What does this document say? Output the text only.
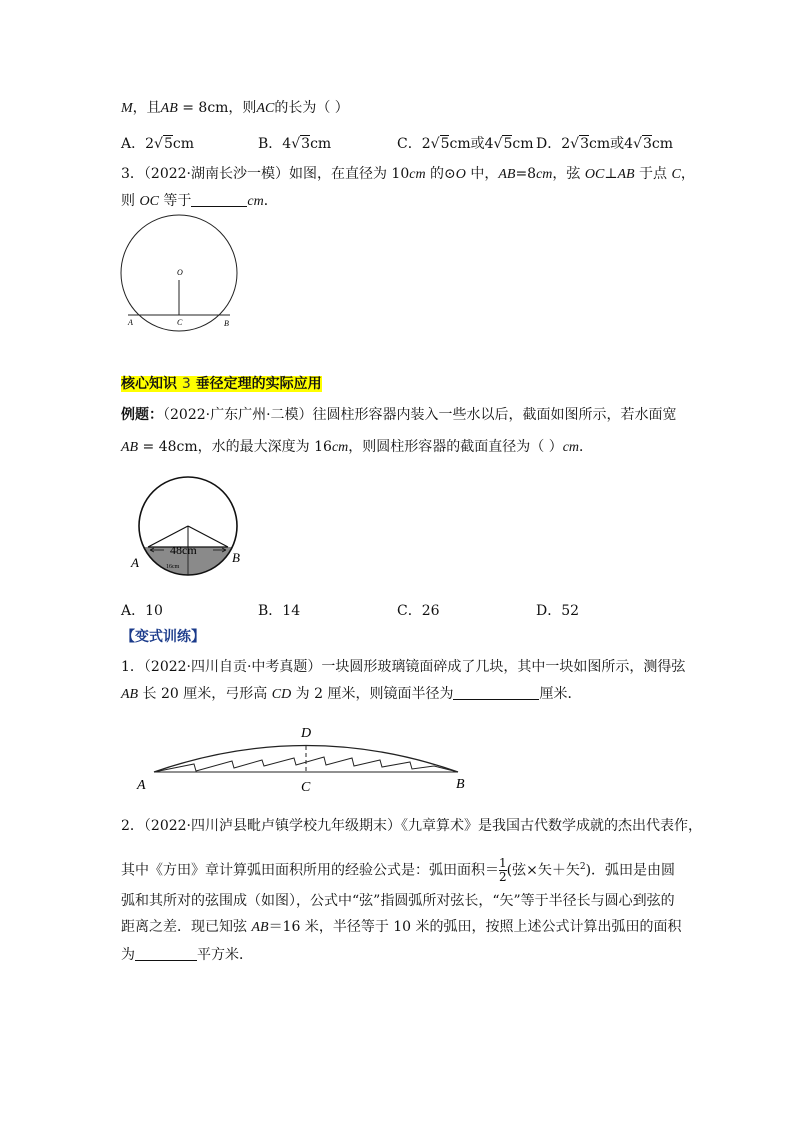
M，且AB = 8cm，则AC的长为（ ）
A．2√5cm	B．4√3cm	C．2√5cm或4√5cm D．2√3cm或4√3cm
3．（2022·湖南长沙一模）如图，在直径为 10cm 的⊙O 中，AB=8cm，弦 OC⊥AB 于点 C，
则 OC 等于	cm．
O
A	C	B
核心知识 3 垂径定理的实际应用
例题：（2022·广东广州·二模）往圆柱形容器内装入一些水以后，截面如图所示，若水面宽
AB = 48cm，水的最大深度为 16cm，则圆柱形容器的截面直径为（ ）cm．
48cm
16cm
A	B
A．10	B．14	C．26	D．52
【变式训练】
1．（2022·四川自贡·中考真题）一块圆形玻璃镜面碎成了几块，其中一块如图所示，测得弦
AB 长 20 厘米，弓形高 CD 为 2 厘米，则镜面半径为	厘米．
D
A	C	B
2．（2022·四川泸县毗卢镇学校九年级期末）《九章算术》是我国古代数学成就的杰出代表作，
其中《方田》章计算弧田面积所用的经验公式是：弧田面积＝ $\frac{1}{2}$ (弦×矢＋矢$^2$)．弧田是由圆
弧和其所对的弦围成（如图），公式中“弦”指圆弧所对弦长，“矢”等于半径长与圆心到弦的
距离之差．现已知弦 AB＝16 米，半径等于 10 米的弧田，按照上述公式计算出弧田的面积
为	平方米．
